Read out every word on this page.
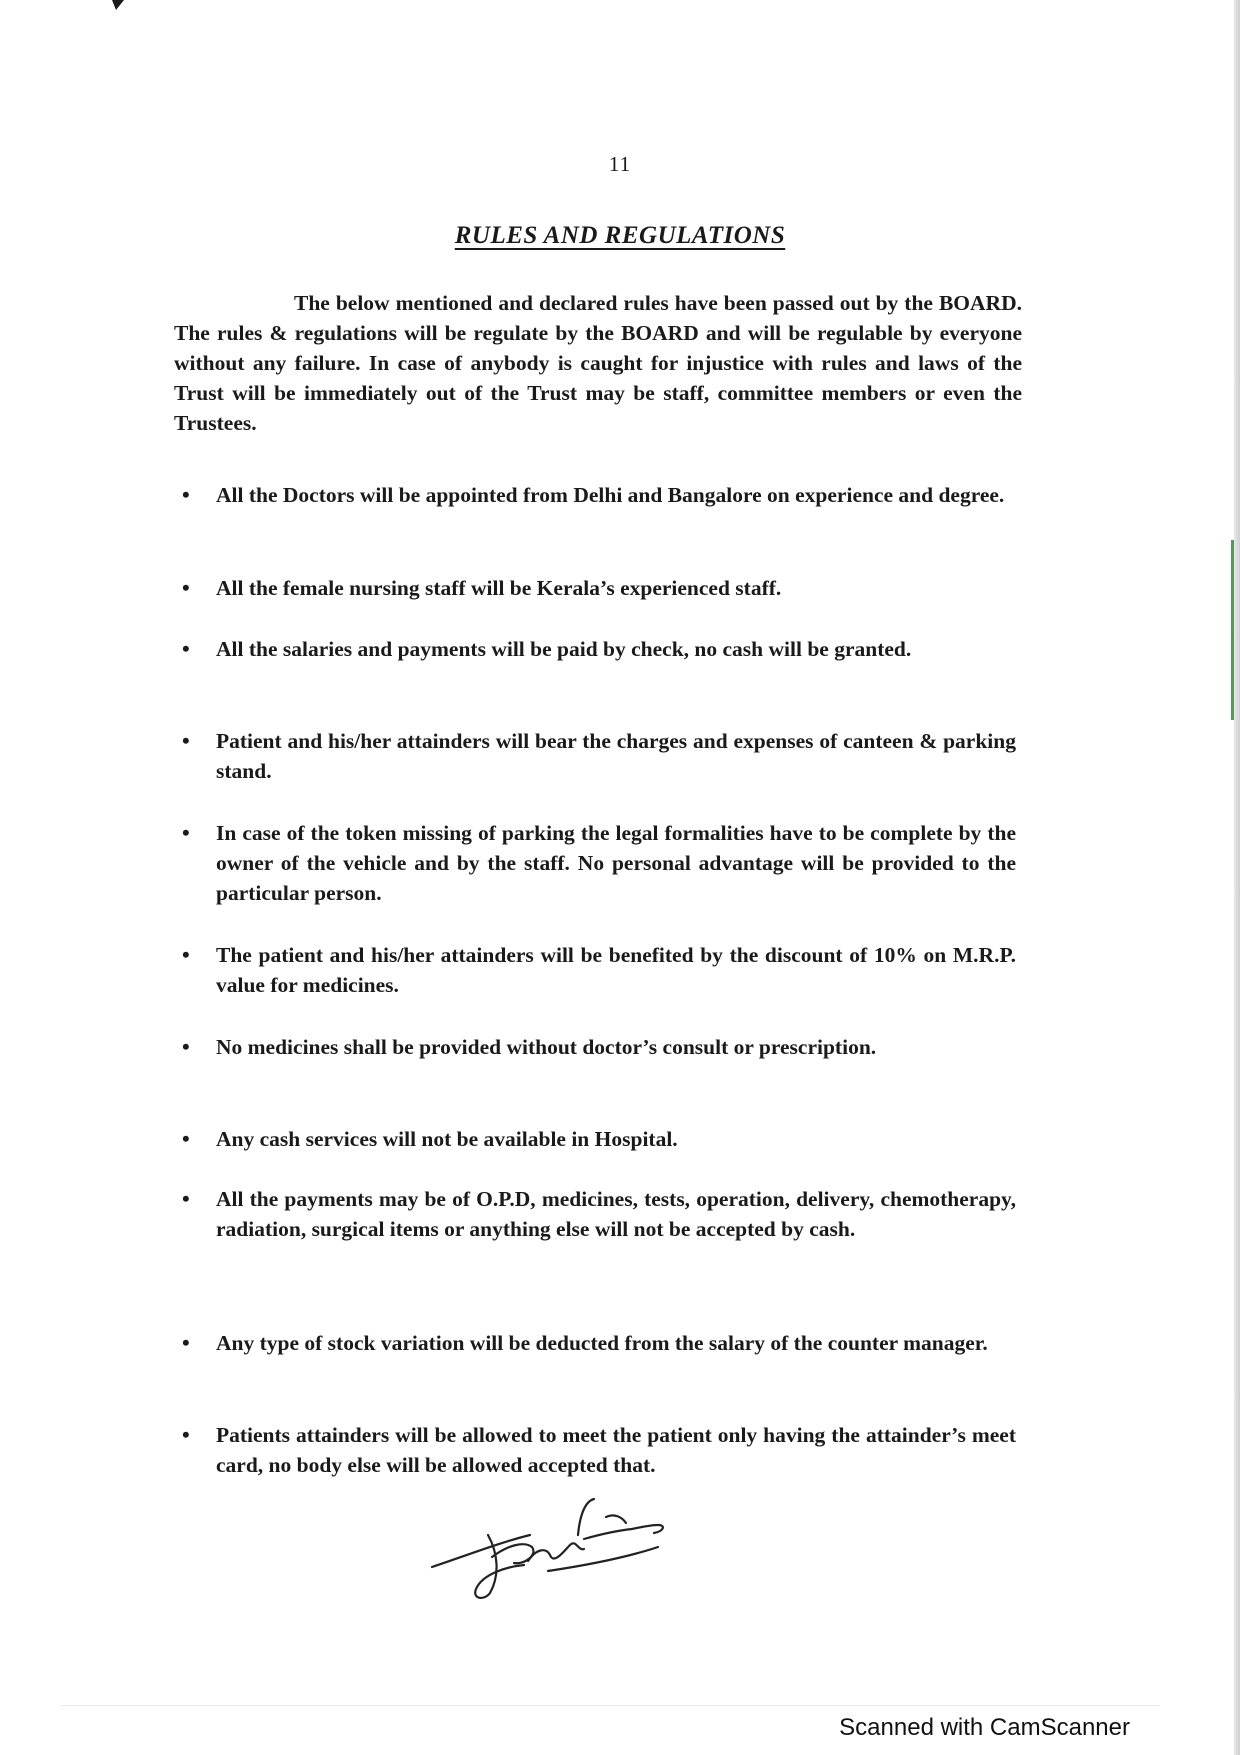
11
RULES AND REGULATIONS
The below mentioned and declared rules have been passed out by the BOARD. The rules & regulations will be regulate by the BOARD and will be regulable by everyone without any failure. In case of anybody is caught for injustice with rules and laws of the Trust will be immediately out of the Trust may be staff, committee members or even the Trustees.
• All the Doctors will be appointed from Delhi and Bangalore on experience and degree.
• All the female nursing staff will be Kerala’s experienced staff.
• All the salaries and payments will be paid by check, no cash will be granted.
• Patient and his/her attainders will bear the charges and expenses of canteen & parking stand.
• In case of the token missing of parking the legal formalities have to be complete by the owner of the vehicle and by the staff. No personal advantage will be provided to the particular person.
• The patient and his/her attainders will be benefited by the discount of 10% on M.R.P. value for medicines.
• No medicines shall be provided without doctor’s consult or prescription.
• Any cash services will not be available in Hospital.
• All the payments may be of O.P.D, medicines, tests, operation, delivery, chemotherapy, radiation, surgical items or anything else will not be accepted by cash.
• Any type of stock variation will be deducted from the salary of the counter manager.
• Patients attainders will be allowed to meet the patient only having the attainder’s meet card, no body else will be allowed accepted that.
Scanned with CamScanner
